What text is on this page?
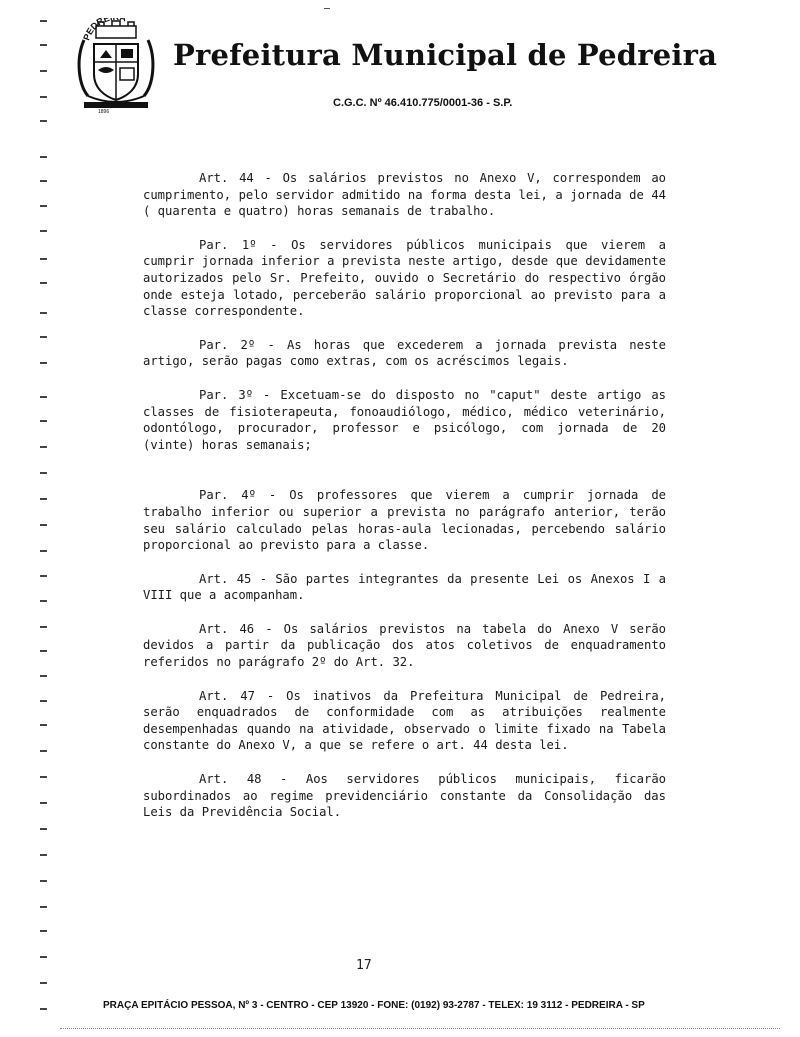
PEDRE
1896
Prefeitura Municipal de Pedreira
C.G.C. Nº 46.410.775/0001-36 - S.P.

Art. 44 - Os salários previstos no Anexo V, correspondem ao cumprimento, pelo servidor admitido na forma desta lei, a jornada de 44 ( quarenta e quatro) horas semanais de trabalho.

Par. 1º - Os servidores públicos municipais que vierem a cumprir jornada inferior a prevista neste artigo, desde que devidamente autorizados pelo Sr. Prefeito, ouvido o Secretário do respectivo órgão onde esteja lotado, perceberão salário proporcional ao previsto para a classe correspondente.

Par. 2º - As horas que excederem a jornada prevista neste artigo, serão pagas como extras, com os acréscimos legais.

Par. 3º - Excetuam-se do disposto no "caput" deste artigo as classes de fisioterapeuta, fonoaudiólogo, médico, médico veterinário, odontólogo, procurador, professor e psicólogo, com jornada de 20 (vinte) horas semanais;

Par. 4º - Os professores que vierem a cumprir jornada de trabalho inferior ou superior a prevista no parágrafo anterior, terão seu salário calculado pelas horas-aula lecionadas, percebendo salário proporcional ao previsto para a classe.

Art. 45 - São partes integrantes da presente Lei os Anexos I a VIII que a acompanham.

Art. 46 - Os salários previstos na tabela do Anexo V serão devidos a partir da publicação dos atos coletivos de enquadramento referidos no parágrafo 2º do Art. 32.

Art. 47 - Os inativos da Prefeitura Municipal de Pedreira, serão enquadrados de conformidade com as atribuições realmente desempenhadas quando na atividade, observado o limite fixado na Tabela constante do Anexo V, a que se refere o art. 44 desta lei.

Art. 48 - Aos servidores públicos municipais, ficarão subordinados ao regime previdenciário constante da Consolidação das Leis da Previdência Social.

17
PRAÇA EPITÁCIO PESSOA, Nº 3 - CENTRO - CEP 13920 - FONE: (0192) 93-2787 - TELEX: 19 3112 - PEDREIRA - SP
